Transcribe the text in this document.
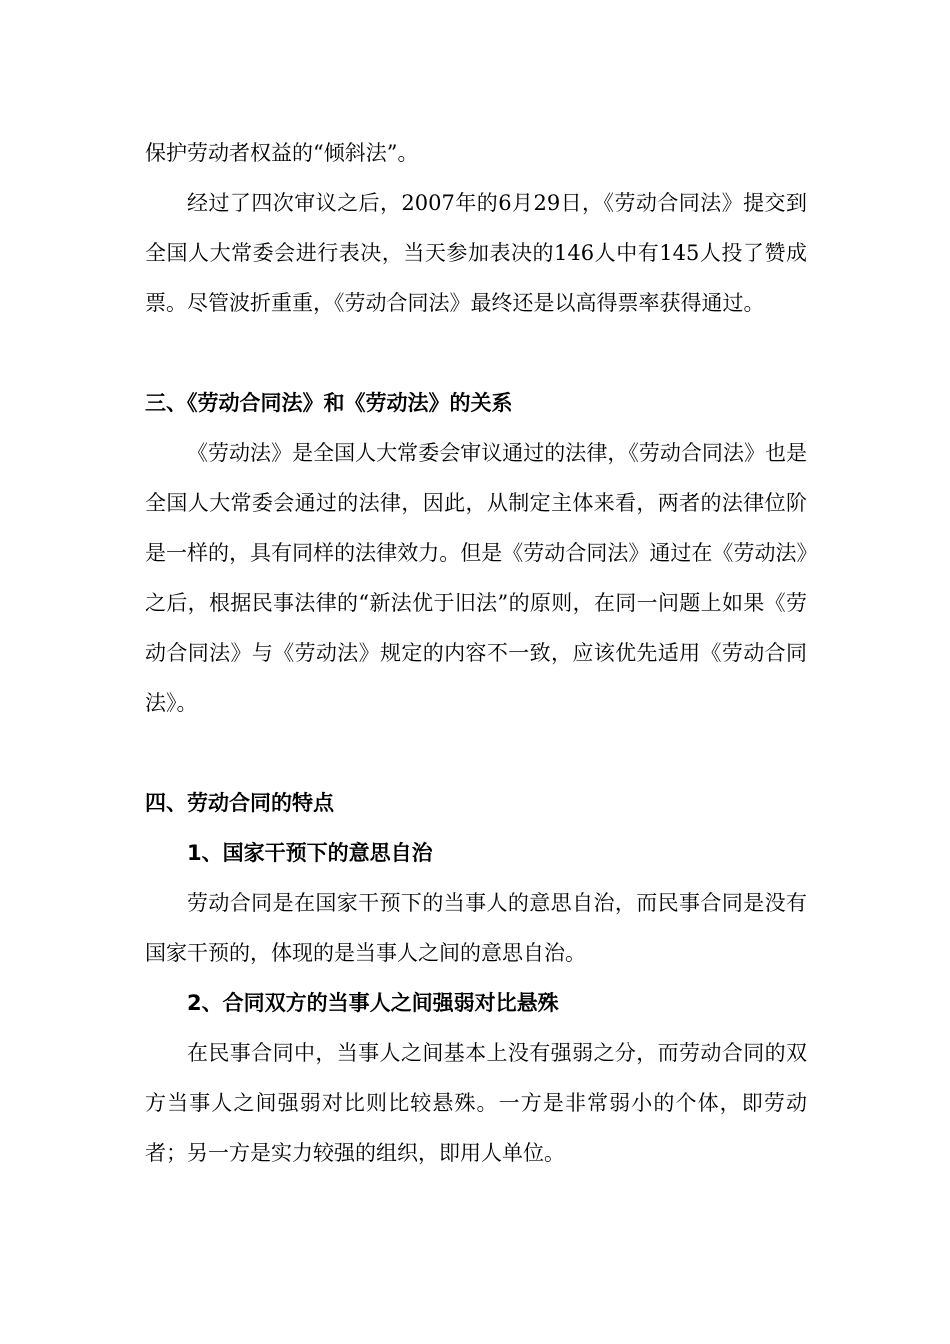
保护劳动者权益的“倾斜法”。

经过了四次审议之后，2007年的6月29日，《劳动合同法》提交到全国人大常委会进行表决，当天参加表决的146人中有145人投了赞成票。尽管波折重重，《劳动合同法》最终还是以高得票率获得通过。

三、《劳动合同法》和《劳动法》的关系

《劳动法》是全国人大常委会审议通过的法律，《劳动合同法》也是全国人大常委会通过的法律，因此，从制定主体来看，两者的法律位阶是一样的，具有同样的法律效力。但是《劳动合同法》通过在《劳动法》之后，根据民事法律的“新法优于旧法”的原则，在同一问题上如果《劳动合同法》与《劳动法》规定的内容不一致，应该优先适用《劳动合同法》。

四、劳动合同的特点
1、国家干预下的意思自治

劳动合同是在国家干预下的当事人的意思自治，而民事合同是没有国家干预的，体现的是当事人之间的意思自治。

2、合同双方的当事人之间强弱对比悬殊

在民事合同中，当事人之间基本上没有强弱之分，而劳动合同的双方当事人之间强弱对比则比较悬殊。一方是非常弱小的个体，即劳动者；另一方是实力较强的组织，即用人单位。
